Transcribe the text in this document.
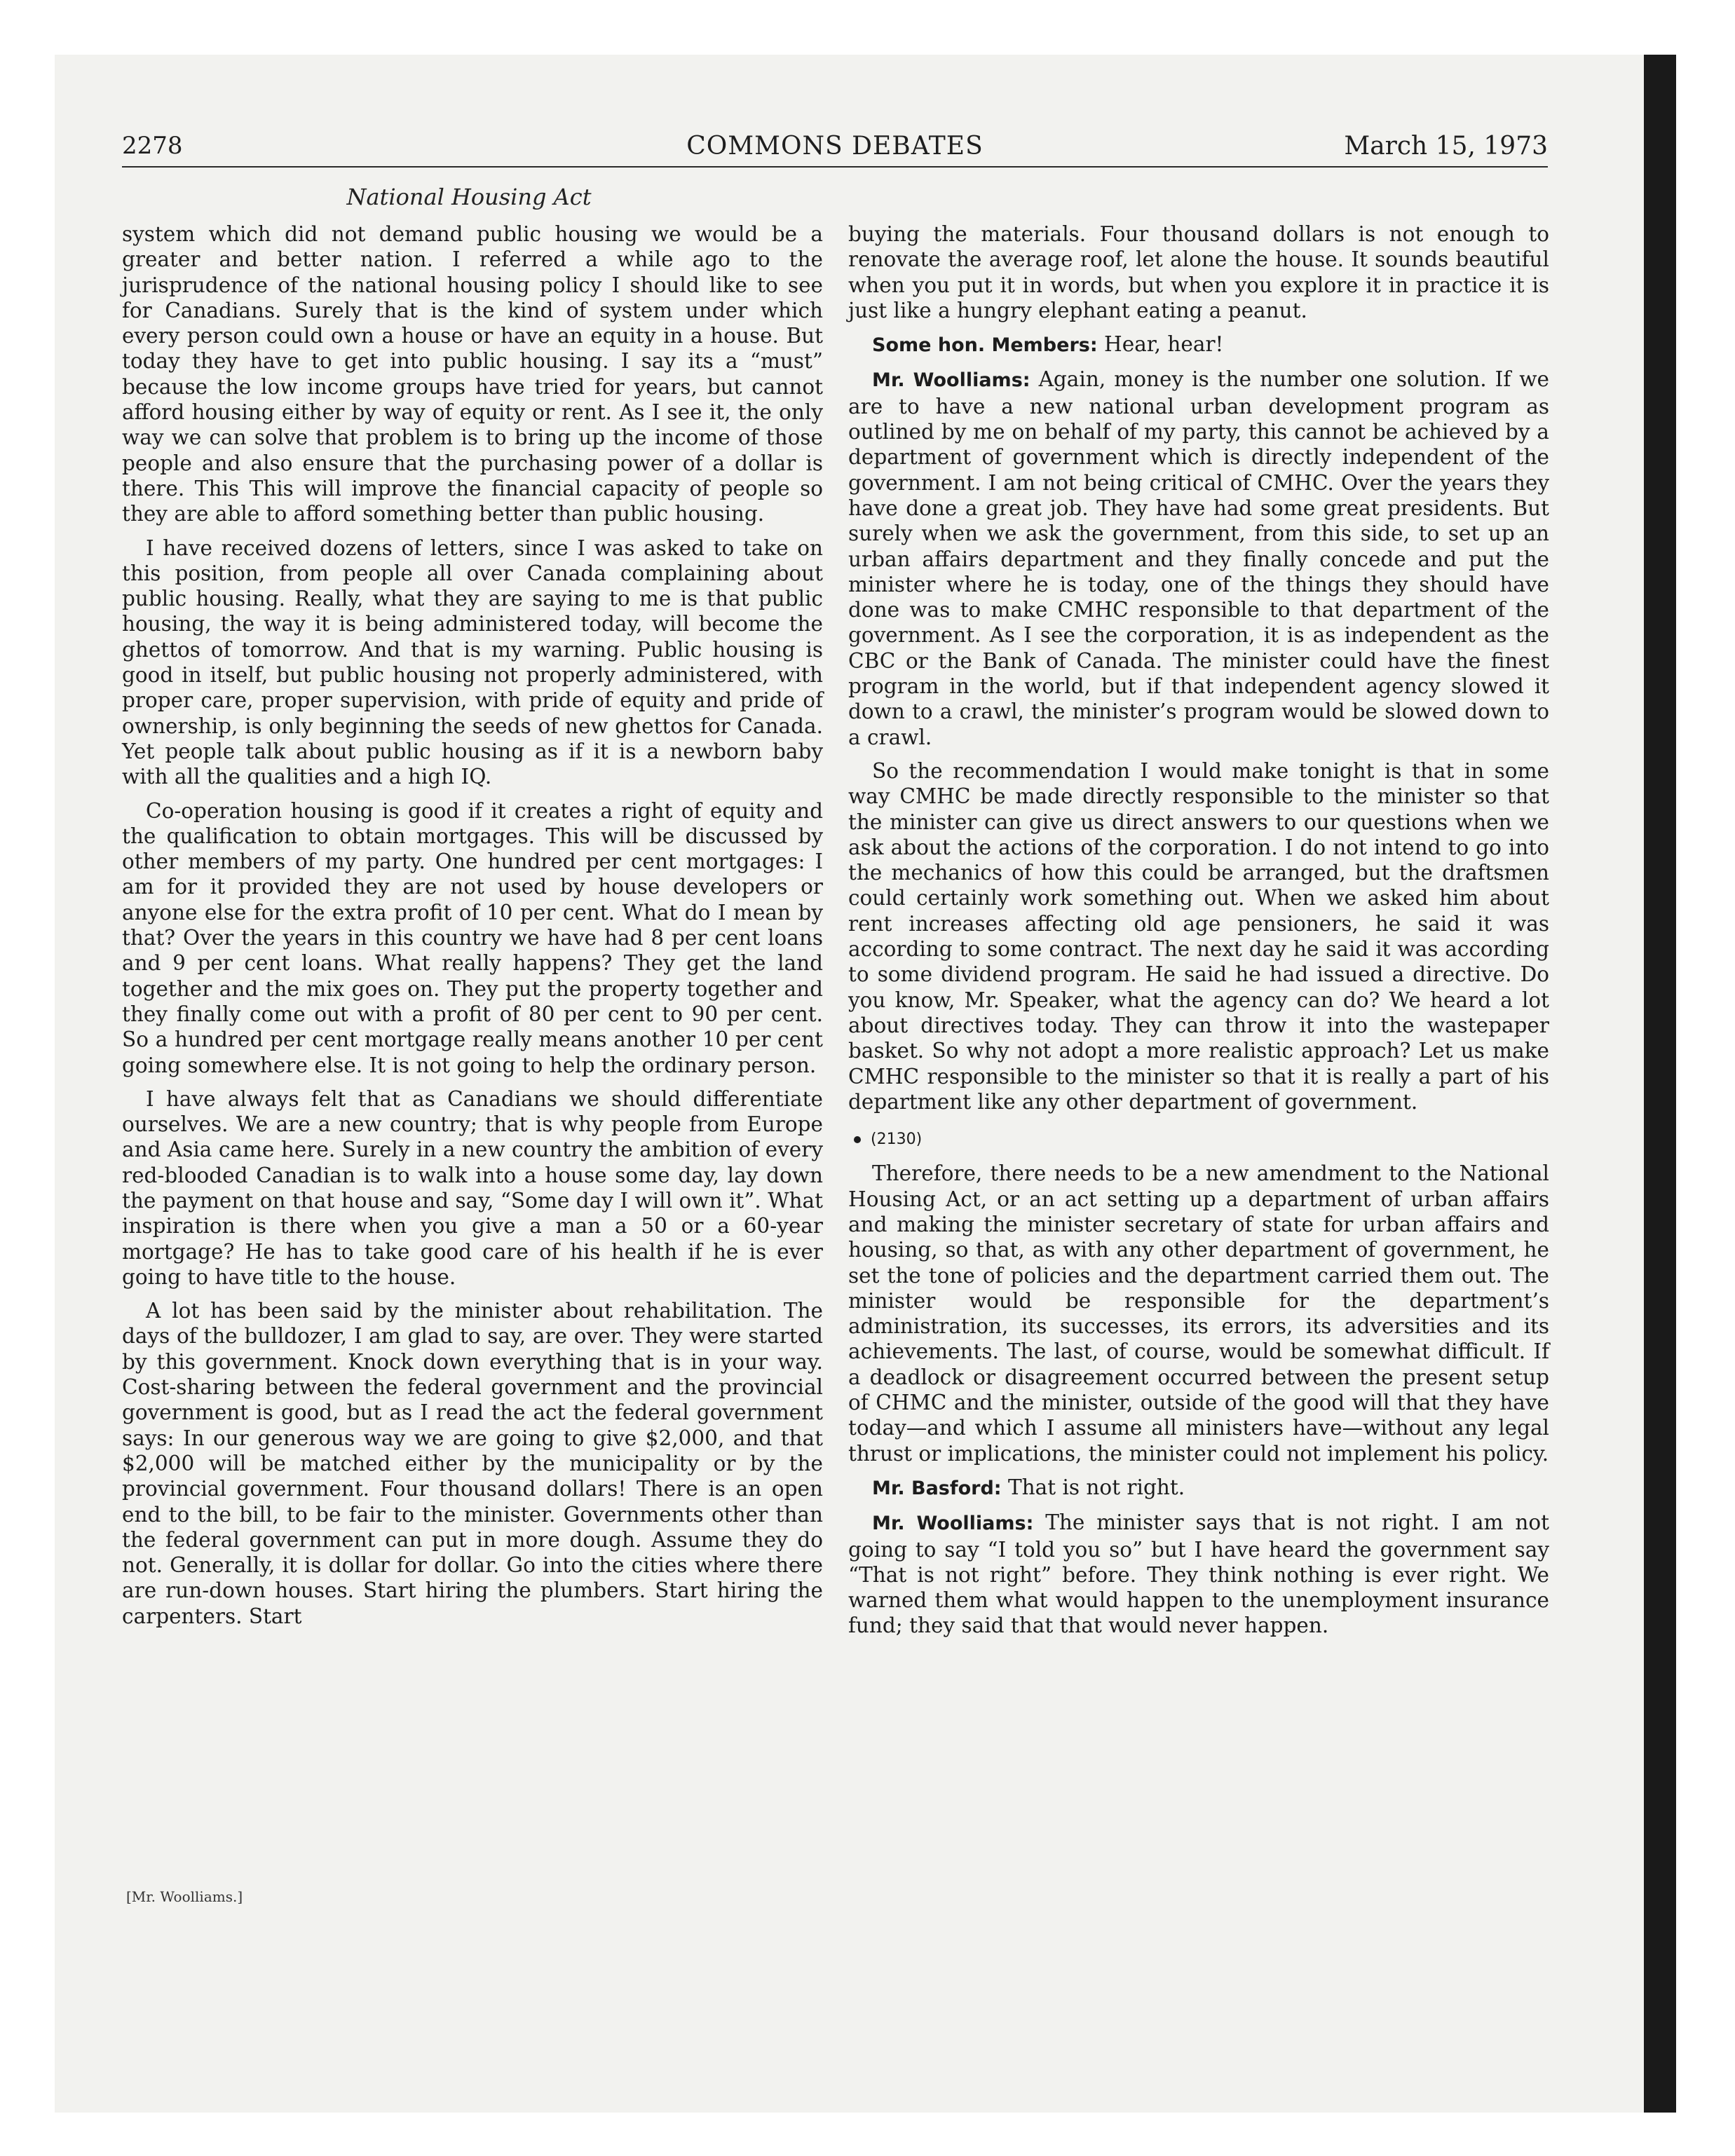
2278	COMMONS DEBATES	March 15, 1973
National Housing Act

system which did not demand public housing we would be a greater and better nation. I referred a while ago to the jurisprudence of the national housing policy I should like to see for Canadians. Surely that is the kind of system under which every person could own a house or have an equity in a house. But today they have to get into public housing. I say its a “must” because the low income groups have tried for years, but cannot afford housing either by way of equity or rent. As I see it, the only way we can solve that problem is to bring up the income of those people and also ensure that the purchasing power of a dollar is there. This This will improve the financial capacity of people so they are able to afford something better than public housing.

I have received dozens of letters, since I was asked to take on this position, from people all over Canada complaining about public housing. Really, what they are saying to me is that public housing, the way it is being administered today, will become the ghettos of tomorrow. And that is my warning. Public housing is good in itself, but public housing not properly administered, with proper care, proper supervision, with pride of equity and pride of ownership, is only beginning the seeds of new ghettos for Canada. Yet people talk about public housing as if it is a newborn baby with all the qualities and a high IQ.

Co-operation housing is good if it creates a right of equity and the qualification to obtain mortgages. This will be discussed by other members of my party. One hundred per cent mortgages: I am for it provided they are not used by house developers or anyone else for the extra profit of 10 per cent. What do I mean by that? Over the years in this country we have had 8 per cent loans and 9 per cent loans. What really happens? They get the land together and the mix goes on. They put the property together and they finally come out with a profit of 80 per cent to 90 per cent. So a hundred per cent mortgage really means another 10 per cent going somewhere else. It is not going to help the ordinary person.

I have always felt that as Canadians we should differentiate ourselves. We are a new country; that is why people from Europe and Asia came here. Surely in a new country the ambition of every red-blooded Canadian is to walk into a house some day, lay down the payment on that house and say, “Some day I will own it”. What inspiration is there when you give a man a 50 or a 60-year mortgage? He has to take good care of his health if he is ever going to have title to the house.

A lot has been said by the minister about rehabilitation. The days of the bulldozer, I am glad to say, are over. They were started by this government. Knock down everything that is in your way. Cost-sharing between the federal government and the provincial government is good, but as I read the act the federal government says: In our generous way we are going to give $2,000, and that $2,000 will be matched either by the municipality or by the provincial government. Four thousand dollars! There is an open end to the bill, to be fair to the minister. Governments other than the federal government can put in more dough. Assume they do not. Generally, it is dollar for dollar. Go into the cities where there are run-down houses. Start hiring the plumbers. Start hiring the carpenters. Start

[Mr. Woolliams.]

buying the materials. Four thousand dollars is not enough to renovate the average roof, let alone the house. It sounds beautiful when you put it in words, but when you explore it in practice it is just like a hungry elephant eating a peanut.

Some hon. Members: Hear, hear!

Mr. Woolliams: Again, money is the number one solution. If we are to have a new national urban development program as outlined by me on behalf of my party, this cannot be achieved by a department of government which is directly independent of the government. I am not being critical of CMHC. Over the years they have done a great job. They have had some great presidents. But surely when we ask the government, from this side, to set up an urban affairs department and they finally concede and put the minister where he is today, one of the things they should have done was to make CMHC responsible to that department of the government. As I see the corporation, it is as independent as the CBC or the Bank of Canada. The minister could have the finest program in the world, but if that independent agency slowed it down to a crawl, the minister’s program would be slowed down to a crawl.

So the recommendation I would make tonight is that in some way CMHC be made directly responsible to the minister so that the minister can give us direct answers to our questions when we ask about the actions of the corporation. I do not intend to go into the mechanics of how this could be arranged, but the draftsmen could certainly work something out. When we asked him about rent increases affecting old age pensioners, he said it was according to some contract. The next day he said it was according to some dividend program. He said he had issued a directive. Do you know, Mr. Speaker, what the agency can do? We heard a lot about directives today. They can throw it into the wastepaper basket. So why not adopt a more realistic approach? Let us make CMHC responsible to the minister so that it is really a part of his department like any other department of government.

(2130)

Therefore, there needs to be a new amendment to the National Housing Act, or an act setting up a department of urban affairs and making the minister secretary of state for urban affairs and housing, so that, as with any other department of government, he set the tone of policies and the department carried them out. The minister would be responsible for the department’s administration, its successes, its errors, its adversities and its achievements. The last, of course, would be somewhat difficult. If a deadlock or disagreement occurred between the present setup of CHMC and the minister, outside of the good will that they have today—and which I assume all ministers have—without any legal thrust or implications, the minister could not implement his policy.

Mr. Basford: That is not right.

Mr. Woolliams: The minister says that is not right. I am not going to say “I told you so” but I have heard the government say “That is not right” before. They think nothing is ever right. We warned them what would happen to the unemployment insurance fund; they said that that would never happen.
